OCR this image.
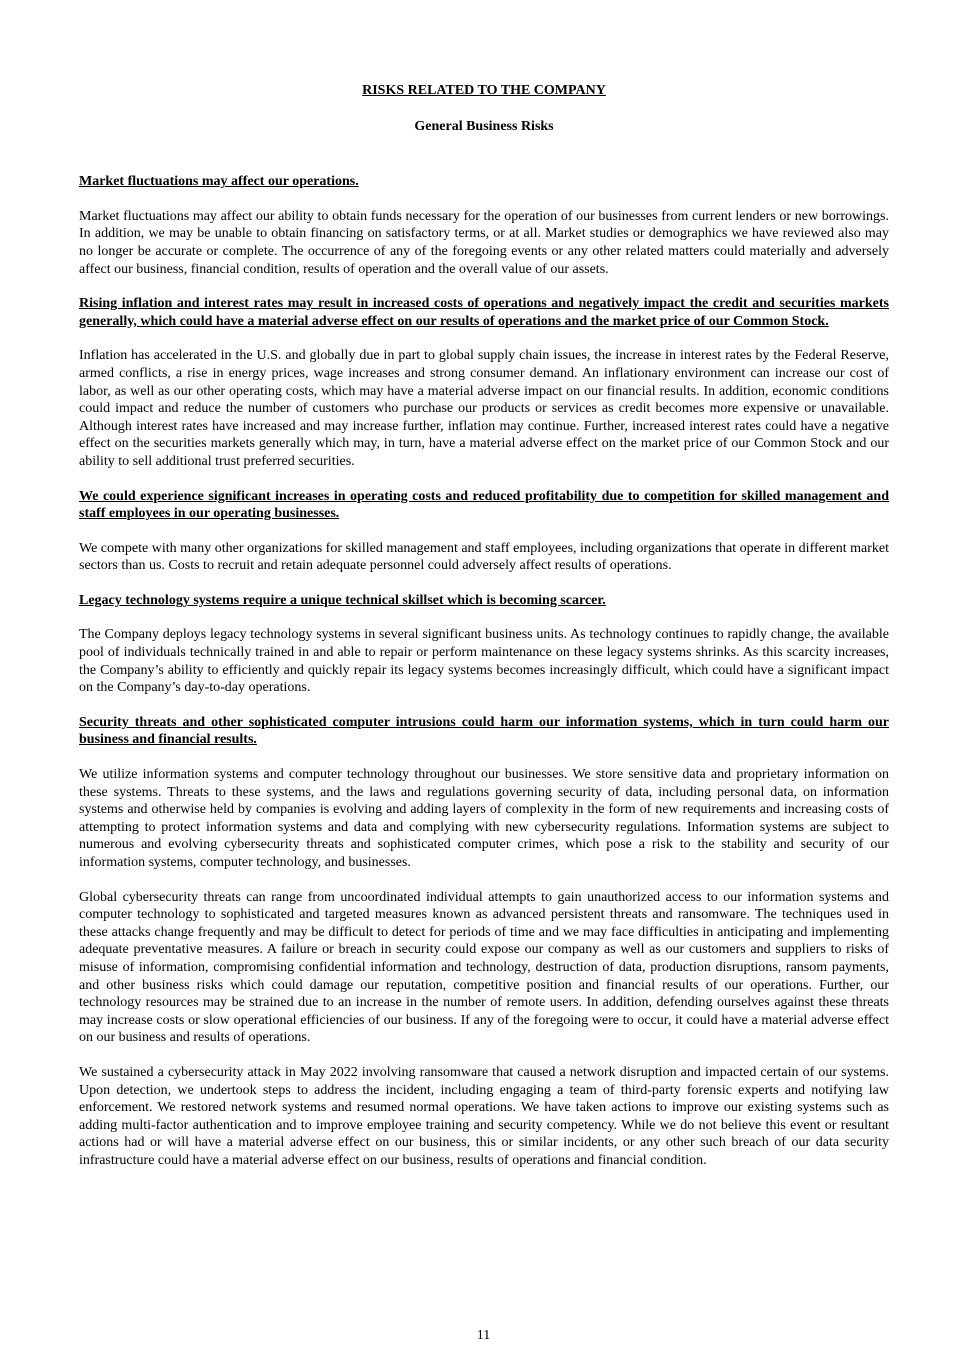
RISKS RELATED TO THE COMPANY

General Business Risks

Market fluctuations may affect our operations.

Market fluctuations may affect our ability to obtain funds necessary for the operation of our businesses from current lenders or new borrowings. In addition, we may be unable to obtain financing on satisfactory terms, or at all. Market studies or demographics we have reviewed also may no longer be accurate or complete. The occurrence of any of the foregoing events or any other related matters could materially and adversely affect our business, financial condition, results of operation and the overall value of our assets.

Rising inflation and interest rates may result in increased costs of operations and negatively impact the credit and securities markets generally, which could have a material adverse effect on our results of operations and the market price of our Common Stock.

Inflation has accelerated in the U.S. and globally due in part to global supply chain issues, the increase in interest rates by the Federal Reserve, armed conflicts, a rise in energy prices, wage increases and strong consumer demand. An inflationary environment can increase our cost of labor, as well as our other operating costs, which may have a material adverse impact on our financial results. In addition, economic conditions could impact and reduce the number of customers who purchase our products or services as credit becomes more expensive or unavailable. Although interest rates have increased and may increase further, inflation may continue. Further, increased interest rates could have a negative effect on the securities markets generally which may, in turn, have a material adverse effect on the market price of our Common Stock and our ability to sell additional trust preferred securities.

We could experience significant increases in operating costs and reduced profitability due to competition for skilled management and staff employees in our operating businesses.

We compete with many other organizations for skilled management and staff employees, including organizations that operate in different market sectors than us. Costs to recruit and retain adequate personnel could adversely affect results of operations.

Legacy technology systems require a unique technical skillset which is becoming scarcer.

The Company deploys legacy technology systems in several significant business units. As technology continues to rapidly change, the available pool of individuals technically trained in and able to repair or perform maintenance on these legacy systems shrinks. As this scarcity increases, the Company’s ability to efficiently and quickly repair its legacy systems becomes increasingly difficult, which could have a significant impact on the Company’s day-to-day operations.

Security threats and other sophisticated computer intrusions could harm our information systems, which in turn could harm our business and financial results.

We utilize information systems and computer technology throughout our businesses. We store sensitive data and proprietary information on these systems. Threats to these systems, and the laws and regulations governing security of data, including personal data, on information systems and otherwise held by companies is evolving and adding layers of complexity in the form of new requirements and increasing costs of attempting to protect information systems and data and complying with new cybersecurity regulations. Information systems are subject to numerous and evolving cybersecurity threats and sophisticated computer crimes, which pose a risk to the stability and security of our information systems, computer technology, and businesses.

Global cybersecurity threats can range from uncoordinated individual attempts to gain unauthorized access to our information systems and computer technology to sophisticated and targeted measures known as advanced persistent threats and ransomware. The techniques used in these attacks change frequently and may be difficult to detect for periods of time and we may face difficulties in anticipating and implementing adequate preventative measures. A failure or breach in security could expose our company as well as our customers and suppliers to risks of misuse of information, compromising confidential information and technology, destruction of data, production disruptions, ransom payments, and other business risks which could damage our reputation, competitive position and financial results of our operations. Further, our technology resources may be strained due to an increase in the number of remote users. In addition, defending ourselves against these threats may increase costs or slow operational efficiencies of our business. If any of the foregoing were to occur, it could have a material adverse effect on our business and results of operations.

We sustained a cybersecurity attack in May 2022 involving ransomware that caused a network disruption and impacted certain of our systems. Upon detection, we undertook steps to address the incident, including engaging a team of third-party forensic experts and notifying law enforcement. We restored network systems and resumed normal operations. We have taken actions to improve our existing systems such as adding multi-factor authentication and to improve employee training and security competency. While we do not believe this event or resultant actions had or will have a material adverse effect on our business, this or similar incidents, or any other such breach of our data security infrastructure could have a material adverse effect on our business, results of operations and financial condition.

11
